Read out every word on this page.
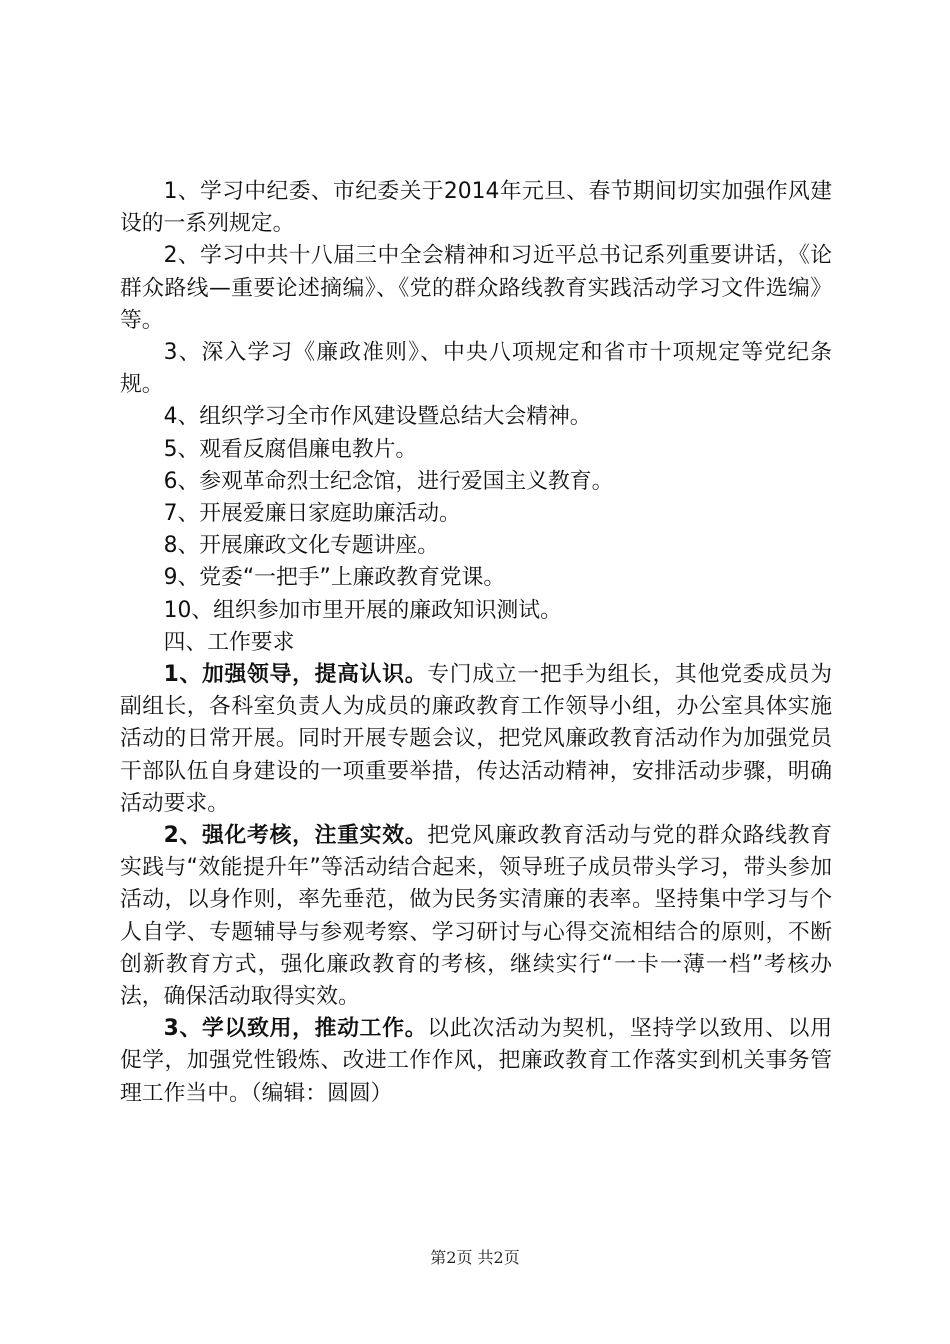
1、学习中纪委、市纪委关于2014年元旦、春节期间切实加强作风建设的一系列规定。

2、学习中共十八届三中全会精神和习近平总书记系列重要讲话，《论群众路线—重要论述摘编》、《党的群众路线教育实践活动学习文件选编》等。

3、深入学习《廉政准则》、中央八项规定和省市十项规定等党纪条规。

4、组织学习全市作风建设暨总结大会精神。

5、观看反腐倡廉电教片。

6、参观革命烈士纪念馆，进行爱国主义教育。

7、开展爱廉日家庭助廉活动。

8、开展廉政文化专题讲座。

9、党委“一把手”上廉政教育党课。

10、组织参加市里开展的廉政知识测试。

四、工作要求

1、加强领导，提高认识。专门成立一把手为组长，其他党委成员为副组长，各科室负责人为成员的廉政教育工作领导小组，办公室具体实施活动的日常开展。同时开展专题会议，把党风廉政教育活动作为加强党员干部队伍自身建设的一项重要举措，传达活动精神，安排活动步骤，明确活动要求。

2、强化考核，注重实效。把党风廉政教育活动与党的群众路线教育实践与“效能提升年”等活动结合起来，领导班子成员带头学习，带头参加活动，以身作则，率先垂范，做为民务实清廉的表率。坚持集中学习与个人自学、专题辅导与参观考察、学习研讨与心得交流相结合的原则，不断创新教育方式，强化廉政教育的考核，继续实行“一卡一薄一档”考核办法，确保活动取得实效。

3、学以致用，推动工作。以此次活动为契机，坚持学以致用、以用促学，加强党性锻炼、改进工作作风，把廉政教育工作落实到机关事务管理工作当中。（编辑：圆圆）

第2页 共2页
